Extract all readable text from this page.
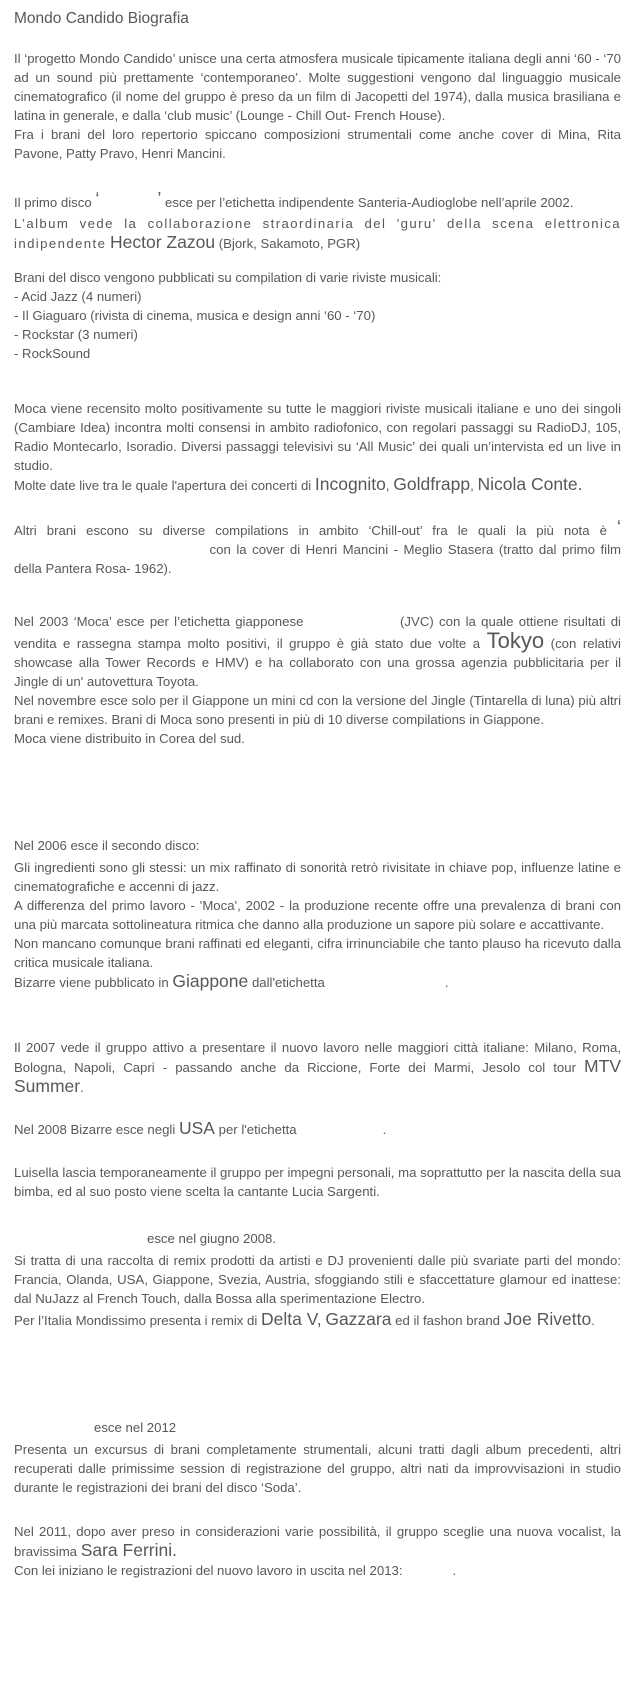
Mondo Candido Biografia

Il ‘progetto Mondo Candido’ unisce una certa atmosfera musicale tipicamente italiana degli anni ‘60 - ‘70 ad un sound più prettamente ‘contemporaneo’. Molte suggestioni vengono dal linguaggio musicale cinematografico (il nome del gruppo è preso da un film di Jacopetti del 1974), dalla musica brasiliana e latina in generale, e dalla ‘club music’ (Lounge - Chill Out- French House).
Fra i brani del loro repertorio spiccano composizioni strumentali come anche cover di Mina, Rita Pavone, Patty Pravo, Henri Mancini.
Il primo disco ‘	’ esce per l’etichetta indipendente Santeria-Audioglobe nell’aprile 2002.
L’album vede la collaborazione straordinaria del 'guru' della scena elettronica indipendente Hector Zazou (Bjork, Sakamoto, PGR)
Brani del disco vengono pubblicati su compilation di varie riviste musicali:
- Acid Jazz (4 numeri)
- Il Giaguaro (rivista di cinema, musica e design anni ‘60 - ‘70)
- Rockstar (3 numeri)
- RockSound
Moca viene recensito molto positivamente su tutte le maggiori riviste musicali italiane e uno dei singoli (Cambiare Idea) incontra molti consensi in ambito radiofonico, con regolari passaggi su RadioDJ, 105, Radio Montecarlo, Isoradio. Diversi passaggi televisivi su ‘All Music’ dei quali un’intervista ed un live in studio.
Molte date live tra le quale l'apertura dei concerti di Incognito, Goldfrapp, Nicola Conte.
Altri brani escono su diverse compilations in ambito ‘Chill-out’ fra le quali la più nota è ‘ con la cover di Henri Mancini - Meglio Stasera (tratto dal primo film della Pantera Rosa- 1962).
Nel 2003 ‘Moca’ esce per l’etichetta giapponese	(JVC) con la quale ottiene risultati di vendita e rassegna stampa molto positivi, il gruppo è già stato due volte a Tokyo (con relativi showcase alla Tower Records e HMV) e ha collaborato con una grossa agenzia pubblicitaria per il Jingle di un' autovettura Toyota.
Nel novembre esce solo per il Giappone un mini cd con la versione del Jingle (Tintarella di luna) più altri brani e remixes. Brani di Moca sono presenti in più di 10 diverse compilations in Giappone.
Moca viene distribuito in Corea del sud.
Nel 2006 esce il secondo disco:
Gli ingredienti sono gli stessi: un mix raffinato di sonorità retrò rivisitate in chiave pop, influenze latine e cinematografiche e accenni di jazz.
A differenza del primo lavoro - 'Moca', 2002 - la produzione recente offre una prevalenza di brani con una più marcata sottolineatura ritmica che danno alla produzione un sapore più solare e accattivante.
Non mancano comunque brani raffinati ed eleganti, cifra irrinunciabile che tanto plauso ha ricevuto dalla critica musicale italiana.
Bizarre viene pubblicato in Giappone dall'etichetta	.
Il 2007 vede il gruppo attivo a presentare il nuovo lavoro nelle maggiori città italiane: Milano, Roma, Bologna, Napoli, Capri - passando anche da Riccione, Forte dei Marmi, Jesolo col tour MTV Summer.
Nel 2008 Bizarre esce negli USA per l'etichetta	.
Luisella lascia temporaneamente il gruppo per impegni personali, ma soprattutto per la nascita della sua bimba, ed al suo posto viene scelta la cantante Lucia Sargenti.
esce nel giugno 2008.
Si tratta di una raccolta di remix prodotti da artisti e DJ provenienti dalle più svariate parti del mondo: Francia, Olanda, USA, Giappone, Svezia, Austria, sfoggiando stili e sfaccettature glamour ed inattese: dal NuJazz al French Touch, dalla Bossa alla sperimentazione Electro.
Per l’Italia Mondissimo presenta i remix di Delta V, Gazzara ed il fashon brand Joe Rivetto.
esce nel 2012
Presenta un excursus di brani completamente strumentali, alcuni tratti dagli album precedenti, altri recuperati dalle primissime session di registrazione del gruppo, altri nati da improvvisazioni in studio durante le registrazioni dei brani del disco ‘Soda’.
Nel 2011, dopo aver preso in considerazioni varie possibilità, il gruppo sceglie una nuova vocalist, la bravissima Sara Ferrini.
Con lei iniziano le registrazioni del nuovo lavoro in uscita nel 2013:	.
